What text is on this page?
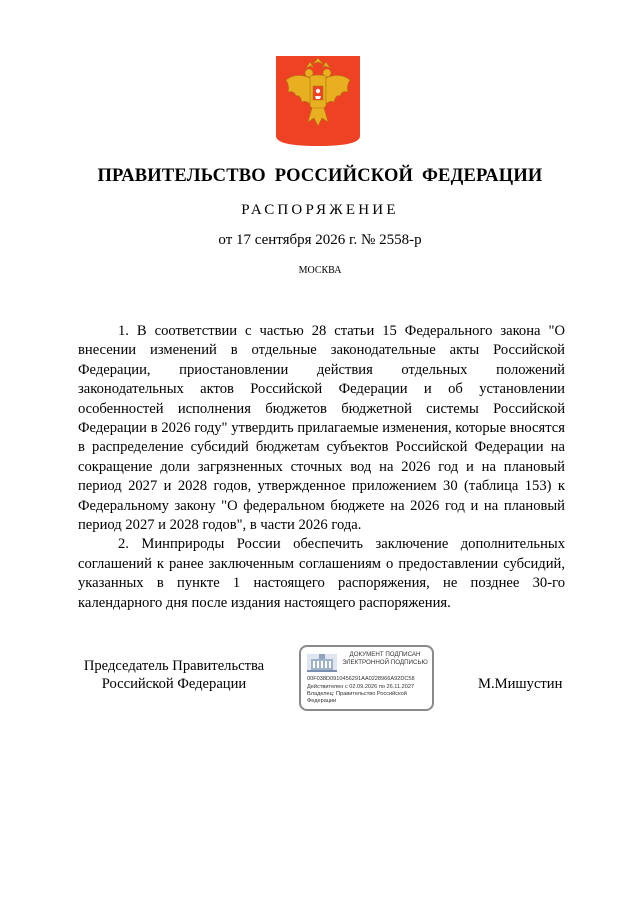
ПРАВИТЕЛЬСТВО РОССИЙСКОЙ ФЕДЕРАЦИИ
РАСПОРЯЖЕНИЕ
от 17 сентября 2026 г. № 2558-р
МОСКВА

1. В соответствии с частью 28 статьи 15 Федерального закона "О внесении изменений в отдельные законодательные акты Российской Федерации, приостановлении действия отдельных положений законодательных актов Российской Федерации и об установлении особенностей исполнения бюджетов бюджетной системы Российской Федерации в 2026 году" утвердить прилагаемые изменения, которые вносятся в распределение субсидий бюджетам субъектов Российской Федерации на сокращение доли загрязненных сточных вод на 2026 год и на плановый период 2027 и 2028 годов, утвержденное приложением 30 (таблица 153) к Федеральному закону "О федеральном бюджете на 2026 год и на плановый период 2027 и 2028 годов", в части 2026 года.

2. Минприроды России обеспечить заключение дополнительных соглашений к ранее заключенным соглашениям о предоставлении субсидий, указанных в пункте 1 настоящего распоряжения, не позднее 30-го календарного дня после издания настоящего распоряжения.

Председатель Правительства
Российской Федерации
ДОКУМЕНТ ПОДПИСАН
ЭЛЕКТРОННОЙ ПОДПИСЬЮ
00F038D0910456291AA0228966A92DC58
Действителен с 02.09.2026 по 26.11.2027
Владелец: Правительство Российской
Федерации
М.Мишустин
